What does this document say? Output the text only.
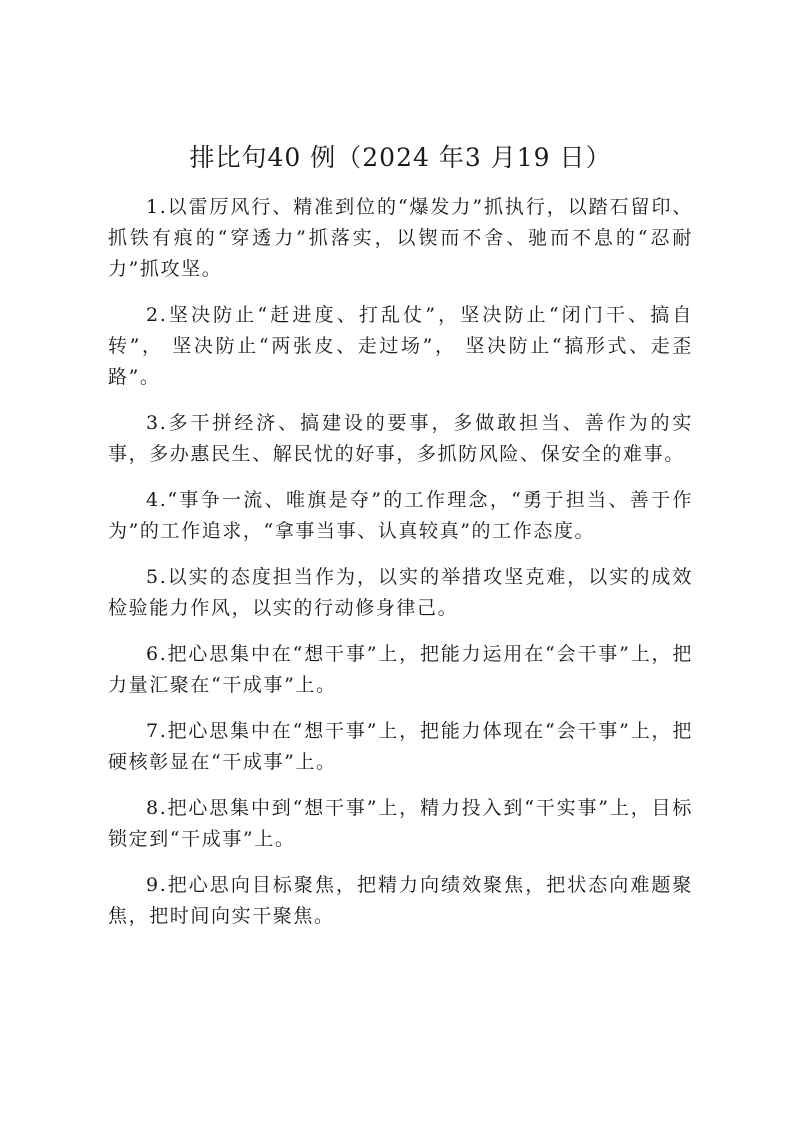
排比句40 例（2024 年3 月19 日）

1.以雷厉风行、精准到位的“爆发力”抓执行，以踏石留印、抓铁有痕的“穿透力”抓落实，以锲而不舍、驰而不息的“忍耐力”抓攻坚。

2.坚决防止“赶进度、打乱仗”，坚决防止“闭门干、搞自转”， 坚决防止“两张皮、走过场”， 坚决防止“搞形式、走歪路”。

3.多干拼经济、搞建设的要事，多做敢担当、善作为的实事，多办惠民生、解民忧的好事，多抓防风险、保安全的难事。

4.“事争一流、唯旗是夺”的工作理念，“勇于担当、善于作为”的工作追求，“拿事当事、认真较真”的工作态度。

5.以实的态度担当作为，以实的举措攻坚克难，以实的成效检验能力作风，以实的行动修身律己。

6.把心思集中在“想干事”上，把能力运用在“会干事”上，把力量汇聚在“干成事”上。

7.把心思集中在“想干事”上，把能力体现在“会干事”上，把硬核彰显在“干成事”上。

8.把心思集中到“想干事”上，精力投入到“干实事”上，目标锁定到“干成事”上。

9.把心思向目标聚焦，把精力向绩效聚焦，把状态向难题聚焦，把时间向实干聚焦。
